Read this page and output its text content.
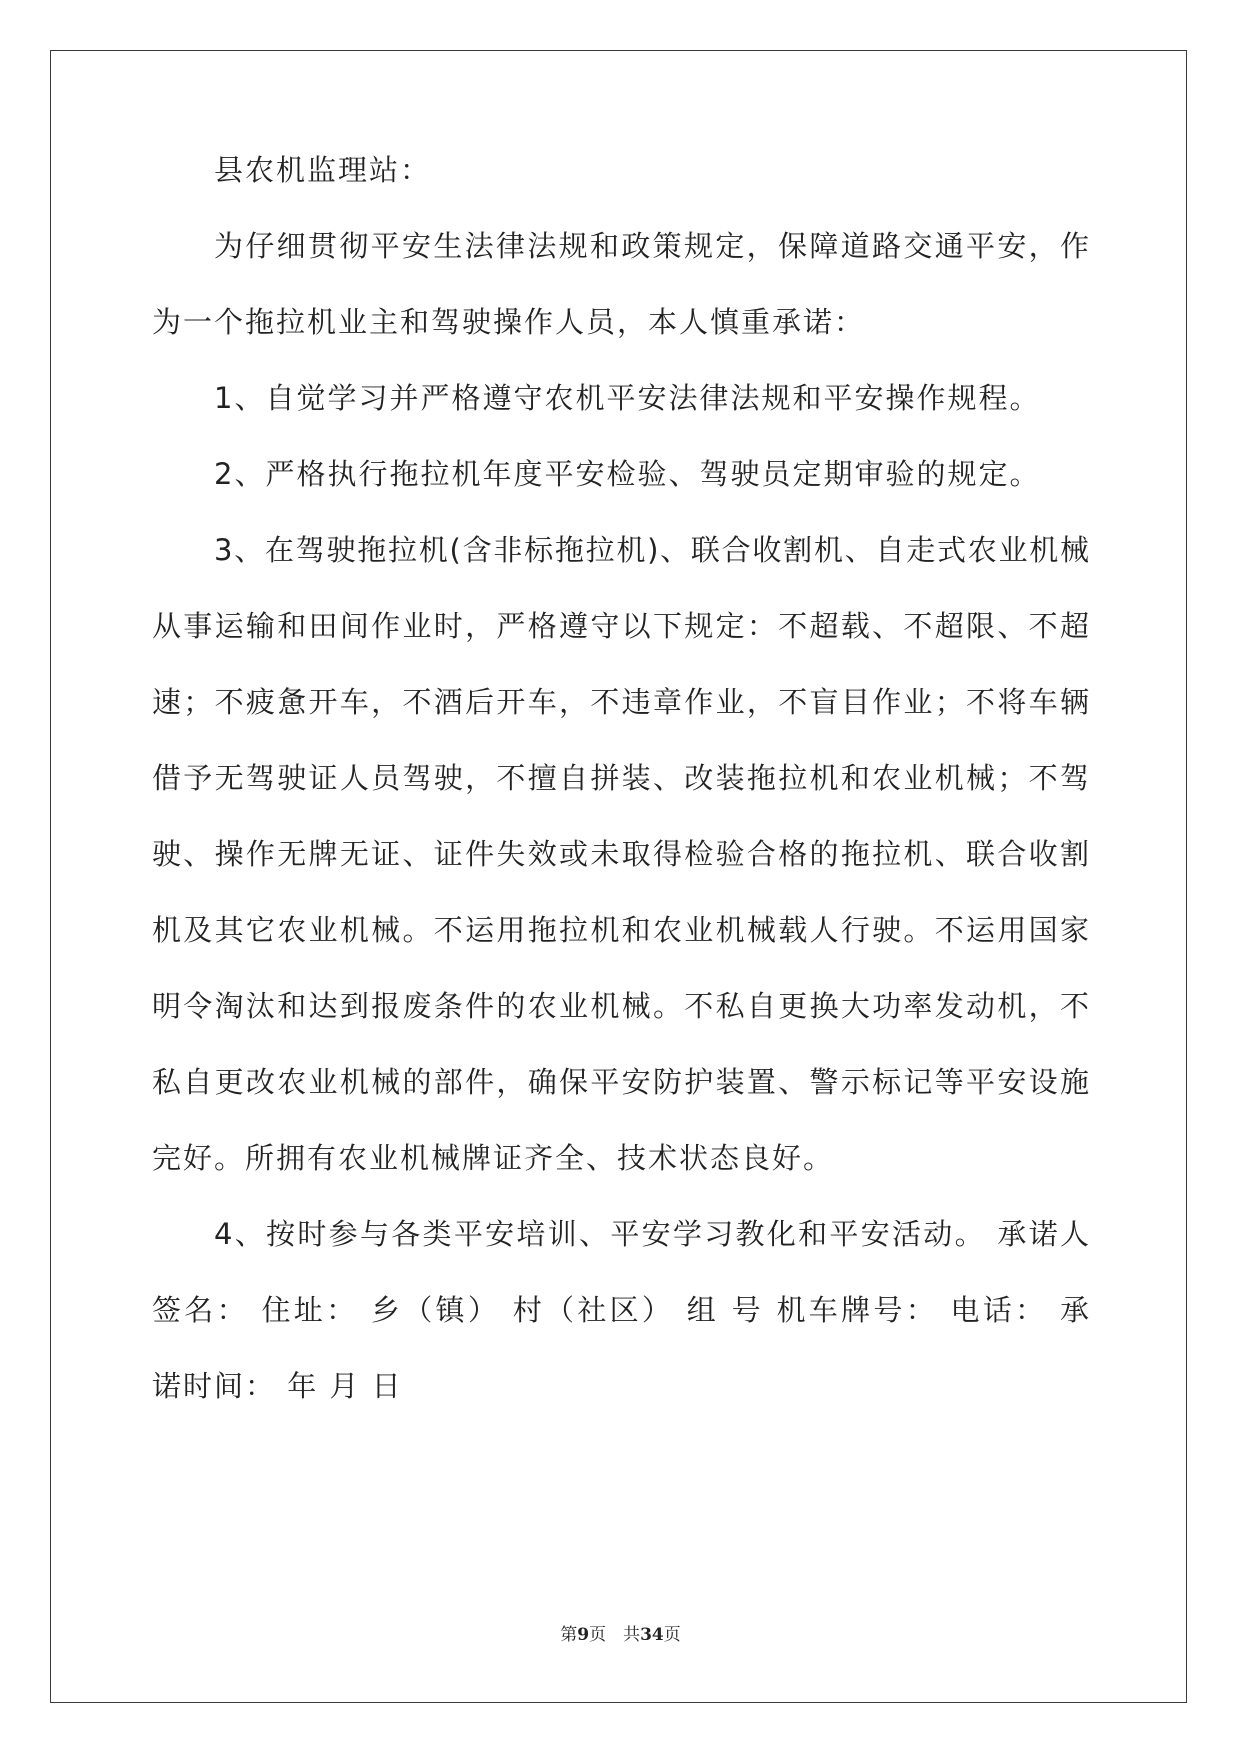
县农机监理站：
为仔细贯彻平安生法律法规和政策规定，保障道路交通平安，作
为一个拖拉机业主和驾驶操作人员，本人慎重承诺：
1、自觉学习并严格遵守农机平安法律法规和平安操作规程。
2、严格执行拖拉机年度平安检验、驾驶员定期审验的规定。
3、在驾驶拖拉机(含非标拖拉机)、联合收割机、自走式农业机械
从事运输和田间作业时，严格遵守以下规定：不超载、不超限、不超
速；不疲惫开车，不酒后开车，不违章作业，不盲目作业；不将车辆
借予无驾驶证人员驾驶，不擅自拼装、改装拖拉机和农业机械；不驾
驶、操作无牌无证、证件失效或未取得检验合格的拖拉机、联合收割
机及其它农业机械。不运用拖拉机和农业机械载人行驶。不运用国家
明令淘汰和达到报废条件的农业机械。不私自更换大功率发动机，不
私自更改农业机械的部件，确保平安防护装置、警示标记等平安设施
完好。所拥有农业机械牌证齐全、技术状态良好。
4、按时参与各类平安培训、平安学习教化和平安活动。 承诺人
签名： 住址： 乡（镇） 村（社区） 组 号 机车牌号： 电话： 承
诺时间： 年 月 日
第9页　共34页
